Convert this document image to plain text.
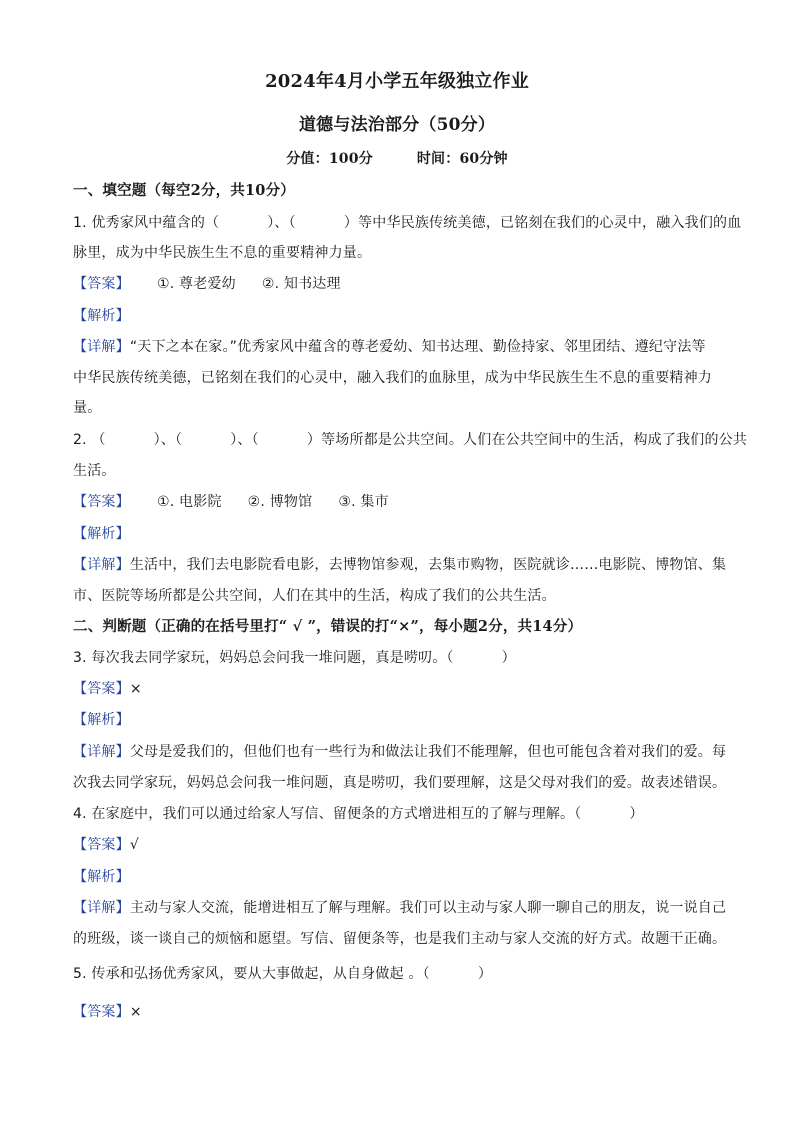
2024年4月小学五年级独立作业
道德与法治部分（50分）
分值：100分	时间：60分钟
一、填空题（每空2分，共10分）
1. 优秀家风中蕴含的（	）、（	）等中华民族传统美德，已铭刻在我们的心灵中，融入我们的血
脉里，成为中华民族生生不息的重要精神力量。
【答案】 ①. 尊老爱幼 ②. 知书达理
【解析】
【详解】“天下之本在家。”优秀家风中蕴含的尊老爱幼、知书达理、勤俭持家、邻里团结、遵纪守法等
中华民族传统美德，已铭刻在我们的心灵中，融入我们的血脉里，成为中华民族生生不息的重要精神力
量。
2. （	）、（	）、（	）等场所都是公共空间。人们在公共空间中的生活，构成了我们的公共
生活。
【答案】 ①. 电影院 ②. 博物馆 ③. 集市
【解析】
【详解】生活中，我们去电影院看电影，去博物馆参观，去集市购物，医院就诊……电影院、博物馆、集
市、医院等场所都是公共空间，人们在其中的生活，构成了我们的公共生活。
二、判断题（正确的在括号里打“ √ ”，错误的打“×”，每小题2分，共14分）
3. 每次我去同学家玩，妈妈总会问我一堆问题，真是唠叨。（	）
【答案】×
【解析】
【详解】父母是爱我们的，但他们也有一些行为和做法让我们不能理解，但也可能包含着对我们的爱。每
次我去同学家玩，妈妈总会问我一堆问题，真是唠叨，我们要理解，这是父母对我们的爱。故表述错误。
4. 在家庭中，我们可以通过给家人写信、留便条的方式增进相互的了解与理解。（	）
【答案】√
【解析】
【详解】主动与家人交流，能增进相互了解与理解。我们可以主动与家人聊一聊自己的朋友，说一说自己
的班级，谈一谈自己的烦恼和愿望。写信、留便条等，也是我们主动与家人交流的好方式。故题干正确。
5. 传承和弘扬优秀家风，要从大事做起，从自身做起 。（	）
【答案】×
